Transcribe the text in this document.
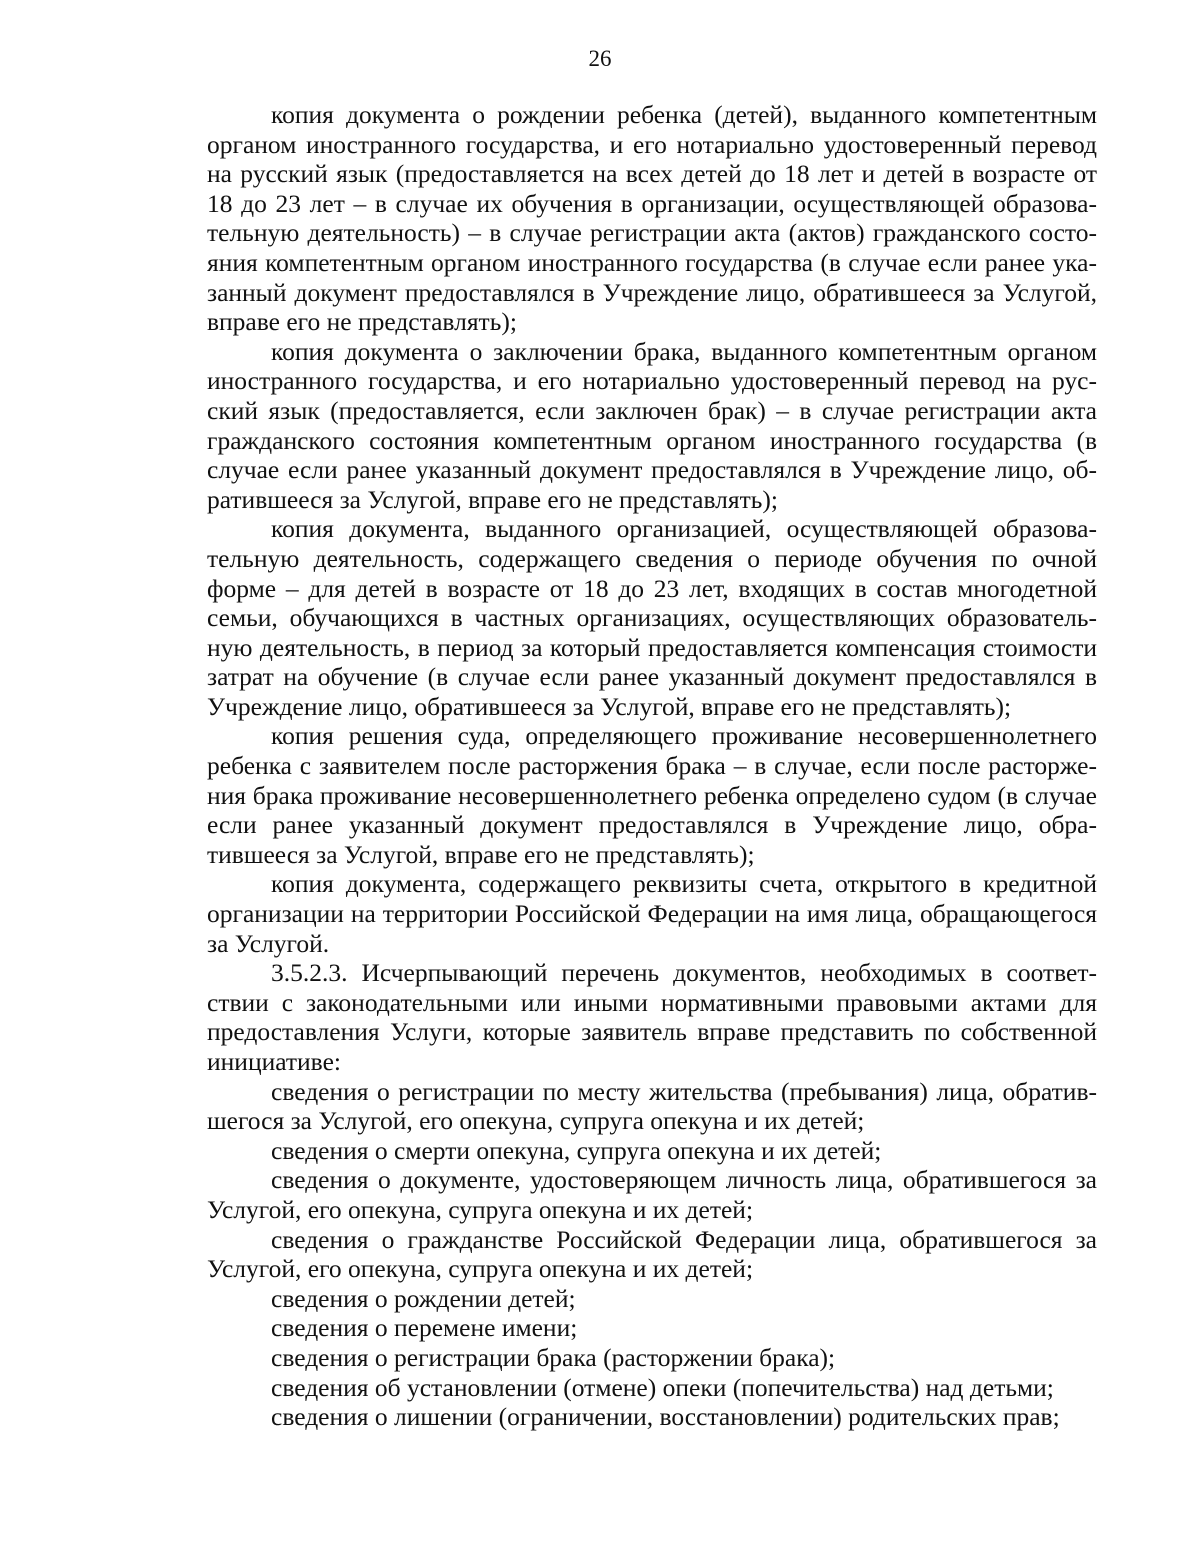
26

копия документа о рождении ребенка (детей), выданного компетентным органом иностранного государства, и его нотариально удостоверенный перевод на русский язык (предоставляется на всех детей до 18 лет и детей в возрасте от 18 до 23 лет – в случае их обучения в организации, осуществляющей образовательную деятельность) – в случае регистрации акта (актов) гражданского состояния компетентным органом иностранного государства (в случае если ранее указанный документ предоставлялся в Учреждение лицо, обратившееся за Услугой, вправе его не представлять);

копия документа о заключении брака, выданного компетентным органом иностранного государства, и его нотариально удостоверенный перевод на русский язык (предоставляется, если заключен брак) – в случае регистрации акта гражданского состояния компетентным органом иностранного государства (в случае если ранее указанный документ предоставлялся в Учреждение лицо, обратившееся за Услугой, вправе его не представлять);

копия документа, выданного организацией, осуществляющей образовательную деятельность, содержащего сведения о периоде обучения по очной форме – для детей в возрасте от 18 до 23 лет, входящих в состав многодетной семьи, обучающихся в частных организациях, осуществляющих образовательную деятельность, в период за который предоставляется компенсация стоимости затрат на обучение (в случае если ранее указанный документ предоставлялся в Учреждение лицо, обратившееся за Услугой, вправе его не представлять);

копия решения суда, определяющего проживание несовершеннолетнего ребенка с заявителем после расторжения брака – в случае, если после расторжения брака проживание несовершеннолетнего ребенка определено судом (в случае если ранее указанный документ предоставлялся в Учреждение лицо, обратившееся за Услугой, вправе его не представлять);

копия документа, содержащего реквизиты счета, открытого в кредитной организации на территории Российской Федерации на имя лица, обращающегося за Услугой.

3.5.2.3. Исчерпывающий перечень документов, необходимых в соответствии с законодательными или иными нормативными правовыми актами для предоставления Услуги, которые заявитель вправе представить по собственной инициативе:

сведения о регистрации по месту жительства (пребывания) лица, обратившегося за Услугой, его опекуна, супруга опекуна и их детей;

сведения о смерти опекуна, супруга опекуна и их детей;

сведения о документе, удостоверяющем личность лица, обратившегося за Услугой, его опекуна, супруга опекуна и их детей;

сведения о гражданстве Российской Федерации лица, обратившегося за Услугой, его опекуна, супруга опекуна и их детей;

сведения о рождении детей;

сведения о перемене имени;

сведения о регистрации брака (расторжении брака);

сведения об установлении (отмене) опеки (попечительства) над детьми;

сведения о лишении (ограничении, восстановлении) родительских прав;
